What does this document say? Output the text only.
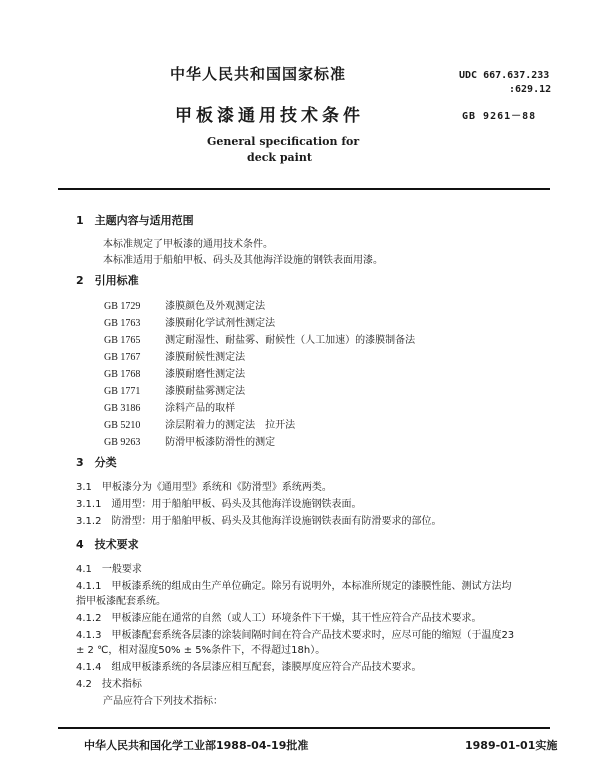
中华人民共和国国家标准	UDC 667.637.233
:629.12
甲板漆通用技术条件	GB 9261－88
General specification for
deck paint
1　主题内容与适用范围
本标准规定了甲板漆的通用技术条件。
本标准适用于船舶甲板、码头及其他海洋设施的钢铁表面用漆。
2　引用标准
GB 1729 漆膜颜色及外观测定法
GB 1763 漆膜耐化学试剂性测定法
GB 1765 测定耐湿性、耐盐雾、耐候性（人工加速）的漆膜制备法
GB 1767 漆膜耐候性测定法
GB 1768 漆膜耐磨性测定法
GB 1771 漆膜耐盐雾测定法
GB 3186 涂料产品的取样
GB 5210 涂层附着力的测定法　拉开法
GB 9263 防滑甲板漆防滑性的测定
3　分类
3.1　甲板漆分为《通用型》系统和《防滑型》系统两类。
3.1.1　通用型：用于船舶甲板、码头及其他海洋设施钢铁表面。
3.1.2　防滑型：用于船舶甲板、码头及其他海洋设施钢铁表面有防滑要求的部位。
4　技术要求
4.1　一般要求
4.1.1　甲板漆系统的组成由生产单位确定。除另有说明外，本标准所规定的漆膜性能、测试方法均
指甲板漆配套系统。
4.1.2　甲板漆应能在通常的自然（或人工）环境条件下干燥，其干性应符合产品技术要求。
4.1.3　甲板漆配套系统各层漆的涂装间隔时间在符合产品技术要求时，应尽可能的缩短（于温度23
± 2 ℃，相对湿度50% ± 5%条件下，不得超过18h）。
4.1.4　组成甲板漆系统的各层漆应相互配套，漆膜厚度应符合产品技术要求。
4.2　技术指标
产品应符合下列技术指标：
中华人民共和国化学工业部1988-04-19批准	1989-01-01实施
